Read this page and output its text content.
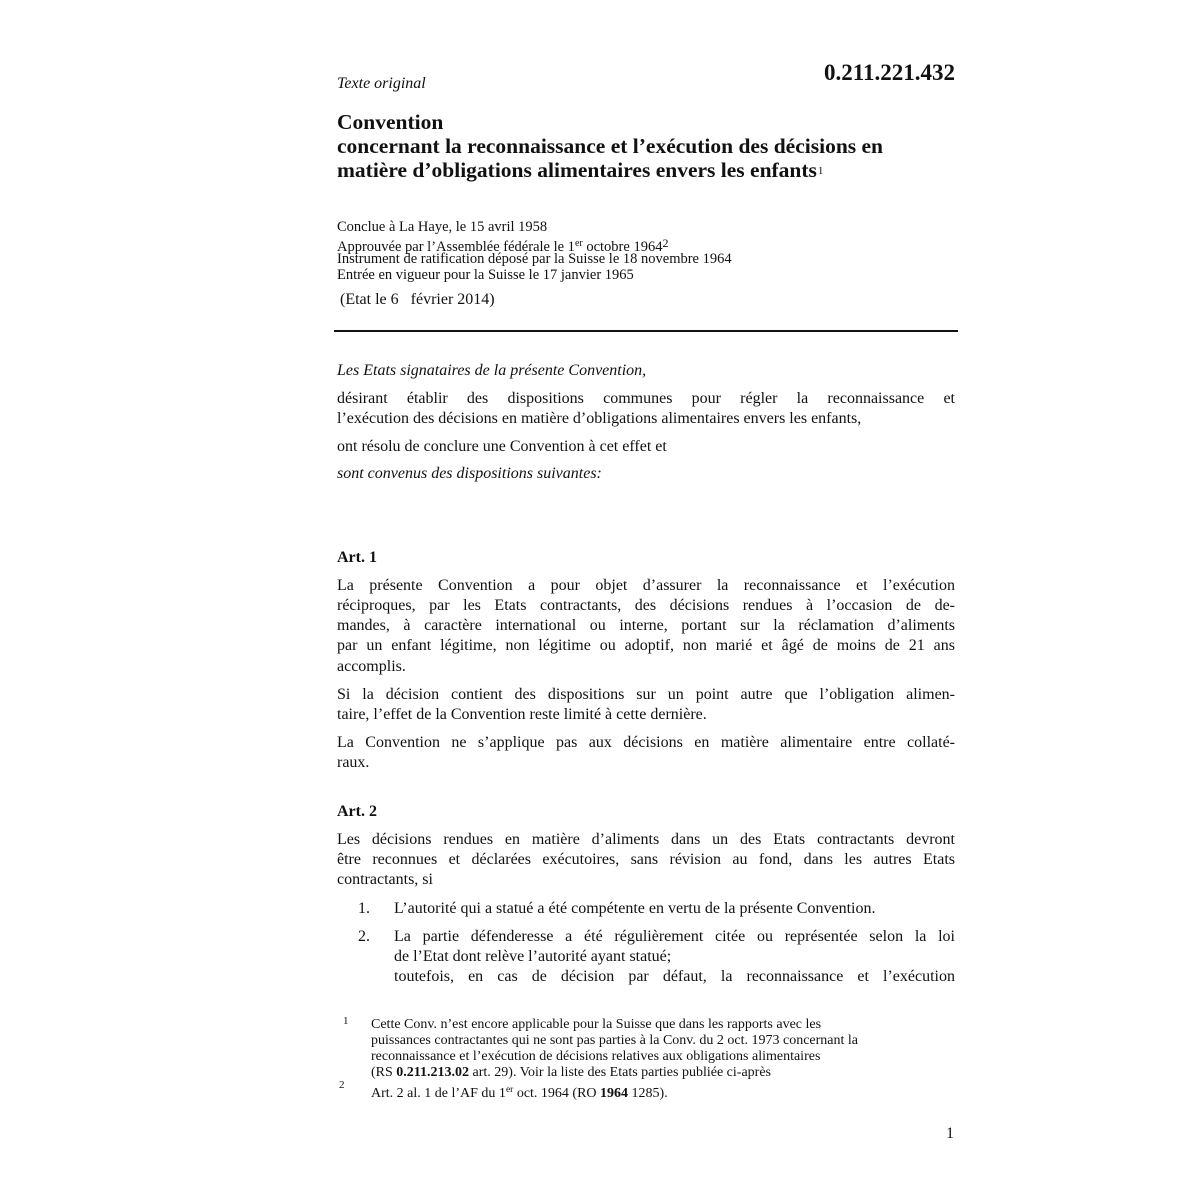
Texte original	0.211.221.432
Convention
concernant la reconnaissance et l’exécution des décisions en
matière d’obligations alimentaires envers les enfants1
Conclue à La Haye, le 15 avril 1958
Approuvée par l’Assemblée fédérale le 1er octobre 1964$^2$
Instrument de ratification déposé par la Suisse le 18 novembre 1964
Entrée en vigueur pour la Suisse le 17 janvier 1965
(Etat le 6   février 2014)
Les Etats signataires de la présente Convention,
désirant établir des dispositions communes pour régler la reconnaissance et
l’exécution des décisions en matière d’obligations alimentaires envers les enfants,
ont résolu de conclure une Convention à cet effet et
sont convenus des dispositions suivantes:
Art. 1
La présente Convention a pour objet d’assurer la reconnaissance et l’exécution
réciproques, par les Etats contractants, des décisions rendues à l’occasion de de-
mandes, à caractère international ou interne, portant sur la réclamation d’aliments
par un enfant légitime, non légitime ou adoptif, non marié et âgé de moins de 21 ans
accomplis.
Si la décision contient des dispositions sur un point autre que l’obligation alimen-
taire, l’effet de la Convention reste limité à cette dernière.
La Convention ne s’applique pas aux décisions en matière alimentaire entre collaté-
raux.
Art. 2
Les décisions rendues en matière d’aliments dans un des Etats contractants devront
être reconnues et déclarées exécutoires, sans révision au fond, dans les autres Etats
contractants, si
1. L’autorité qui a statué a été compétente en vertu de la présente Convention.
2. La partie défenderesse a été régulièrement citée ou représentée selon la loi
de l’Etat dont relève l’autorité ayant statué;
toutefois, en cas de décision par défaut, la reconnaissance et l’exécution
1 Cette Conv. n’est encore applicable pour la Suisse que dans les rapports avec les
puissances contractantes qui ne sont pas parties à la Conv. du 2 oct. 1973 concernant la
reconnaissance et l’exécution de décisions relatives aux obligations alimentaires
(RS 0.211.213.02 art. 29). Voir la liste des Etats parties publiée ci-après
2
Art. 2 al. 1 de l’AF du 1er oct. 1964 (RO 1964 1285).
1
